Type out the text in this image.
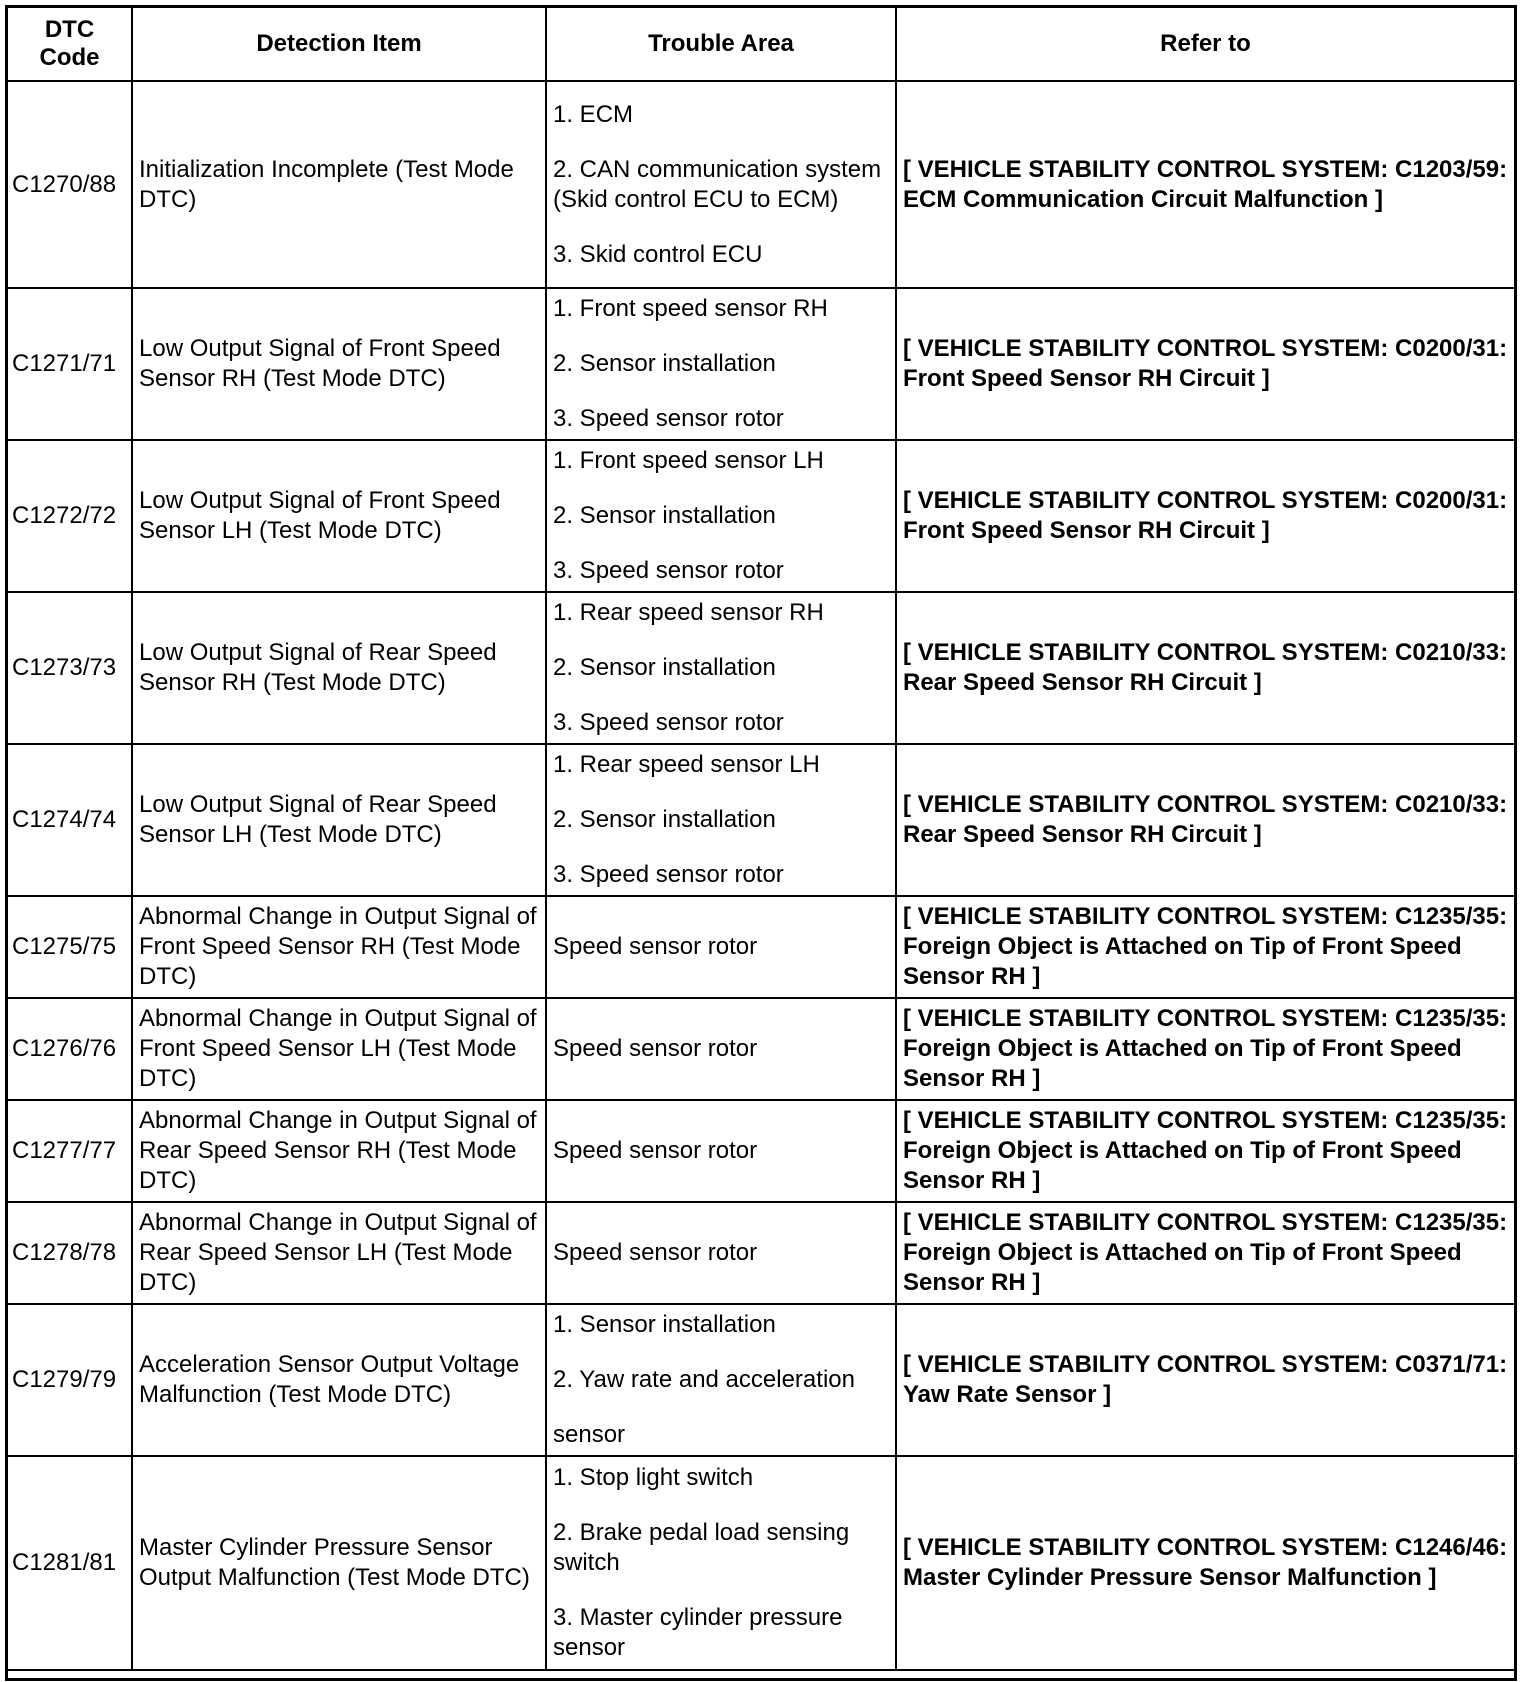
DTC
Code	Detection Item	Trouble Area	Refer to
C1270/88	Initialization Incomplete (Test Mode DTC)	1. ECM
2. CAN communication system (Skid control ECU to ECM)
3. Skid control ECU	[ VEHICLE STABILITY CONTROL SYSTEM: C1203/59: ECM Communication Circuit Malfunction ]
C1271/71	Low Output Signal of Front Speed Sensor RH (Test Mode DTC)	1. Front speed sensor RH
2. Sensor installation
3. Speed sensor rotor	[ VEHICLE STABILITY CONTROL SYSTEM: C0200/31: Front Speed Sensor RH Circuit ]
C1272/72	Low Output Signal of Front Speed Sensor LH (Test Mode DTC)	1. Front speed sensor LH
2. Sensor installation
3. Speed sensor rotor	[ VEHICLE STABILITY CONTROL SYSTEM: C0200/31: Front Speed Sensor RH Circuit ]
C1273/73	Low Output Signal of Rear Speed Sensor RH (Test Mode DTC)	1. Rear speed sensor RH
2. Sensor installation
3. Speed sensor rotor	[ VEHICLE STABILITY CONTROL SYSTEM: C0210/33: Rear Speed Sensor RH Circuit ]
C1274/74	Low Output Signal of Rear Speed Sensor LH (Test Mode DTC)	1. Rear speed sensor LH
2. Sensor installation
3. Speed sensor rotor	[ VEHICLE STABILITY CONTROL SYSTEM: C0210/33: Rear Speed Sensor RH Circuit ]
C1275/75	Abnormal Change in Output Signal of Front Speed Sensor RH (Test Mode DTC)	Speed sensor rotor	[ VEHICLE STABILITY CONTROL SYSTEM: C1235/35: Foreign Object is Attached on Tip of Front Speed Sensor RH ]
C1276/76	Abnormal Change in Output Signal of Front Speed Sensor LH (Test Mode DTC)	Speed sensor rotor	[ VEHICLE STABILITY CONTROL SYSTEM: C1235/35: Foreign Object is Attached on Tip of Front Speed Sensor RH ]
C1277/77	Abnormal Change in Output Signal of Rear Speed Sensor RH (Test Mode DTC)	Speed sensor rotor	[ VEHICLE STABILITY CONTROL SYSTEM: C1235/35: Foreign Object is Attached on Tip of Front Speed Sensor RH ]
C1278/78	Abnormal Change in Output Signal of Rear Speed Sensor LH (Test Mode DTC)	Speed sensor rotor	[ VEHICLE STABILITY CONTROL SYSTEM: C1235/35: Foreign Object is Attached on Tip of Front Speed Sensor RH ]
C1279/79	Acceleration Sensor Output Voltage Malfunction (Test Mode DTC)	1. Sensor installation
2. Yaw rate and acceleration
sensor	[ VEHICLE STABILITY CONTROL SYSTEM: C0371/71: Yaw Rate Sensor ]
C1281/81	Master Cylinder Pressure Sensor Output Malfunction (Test Mode DTC)	1. Stop light switch
2. Brake pedal load sensing switch
3. Master cylinder pressure sensor	[ VEHICLE STABILITY CONTROL SYSTEM: C1246/46: Master Cylinder Pressure Sensor Malfunction ]
